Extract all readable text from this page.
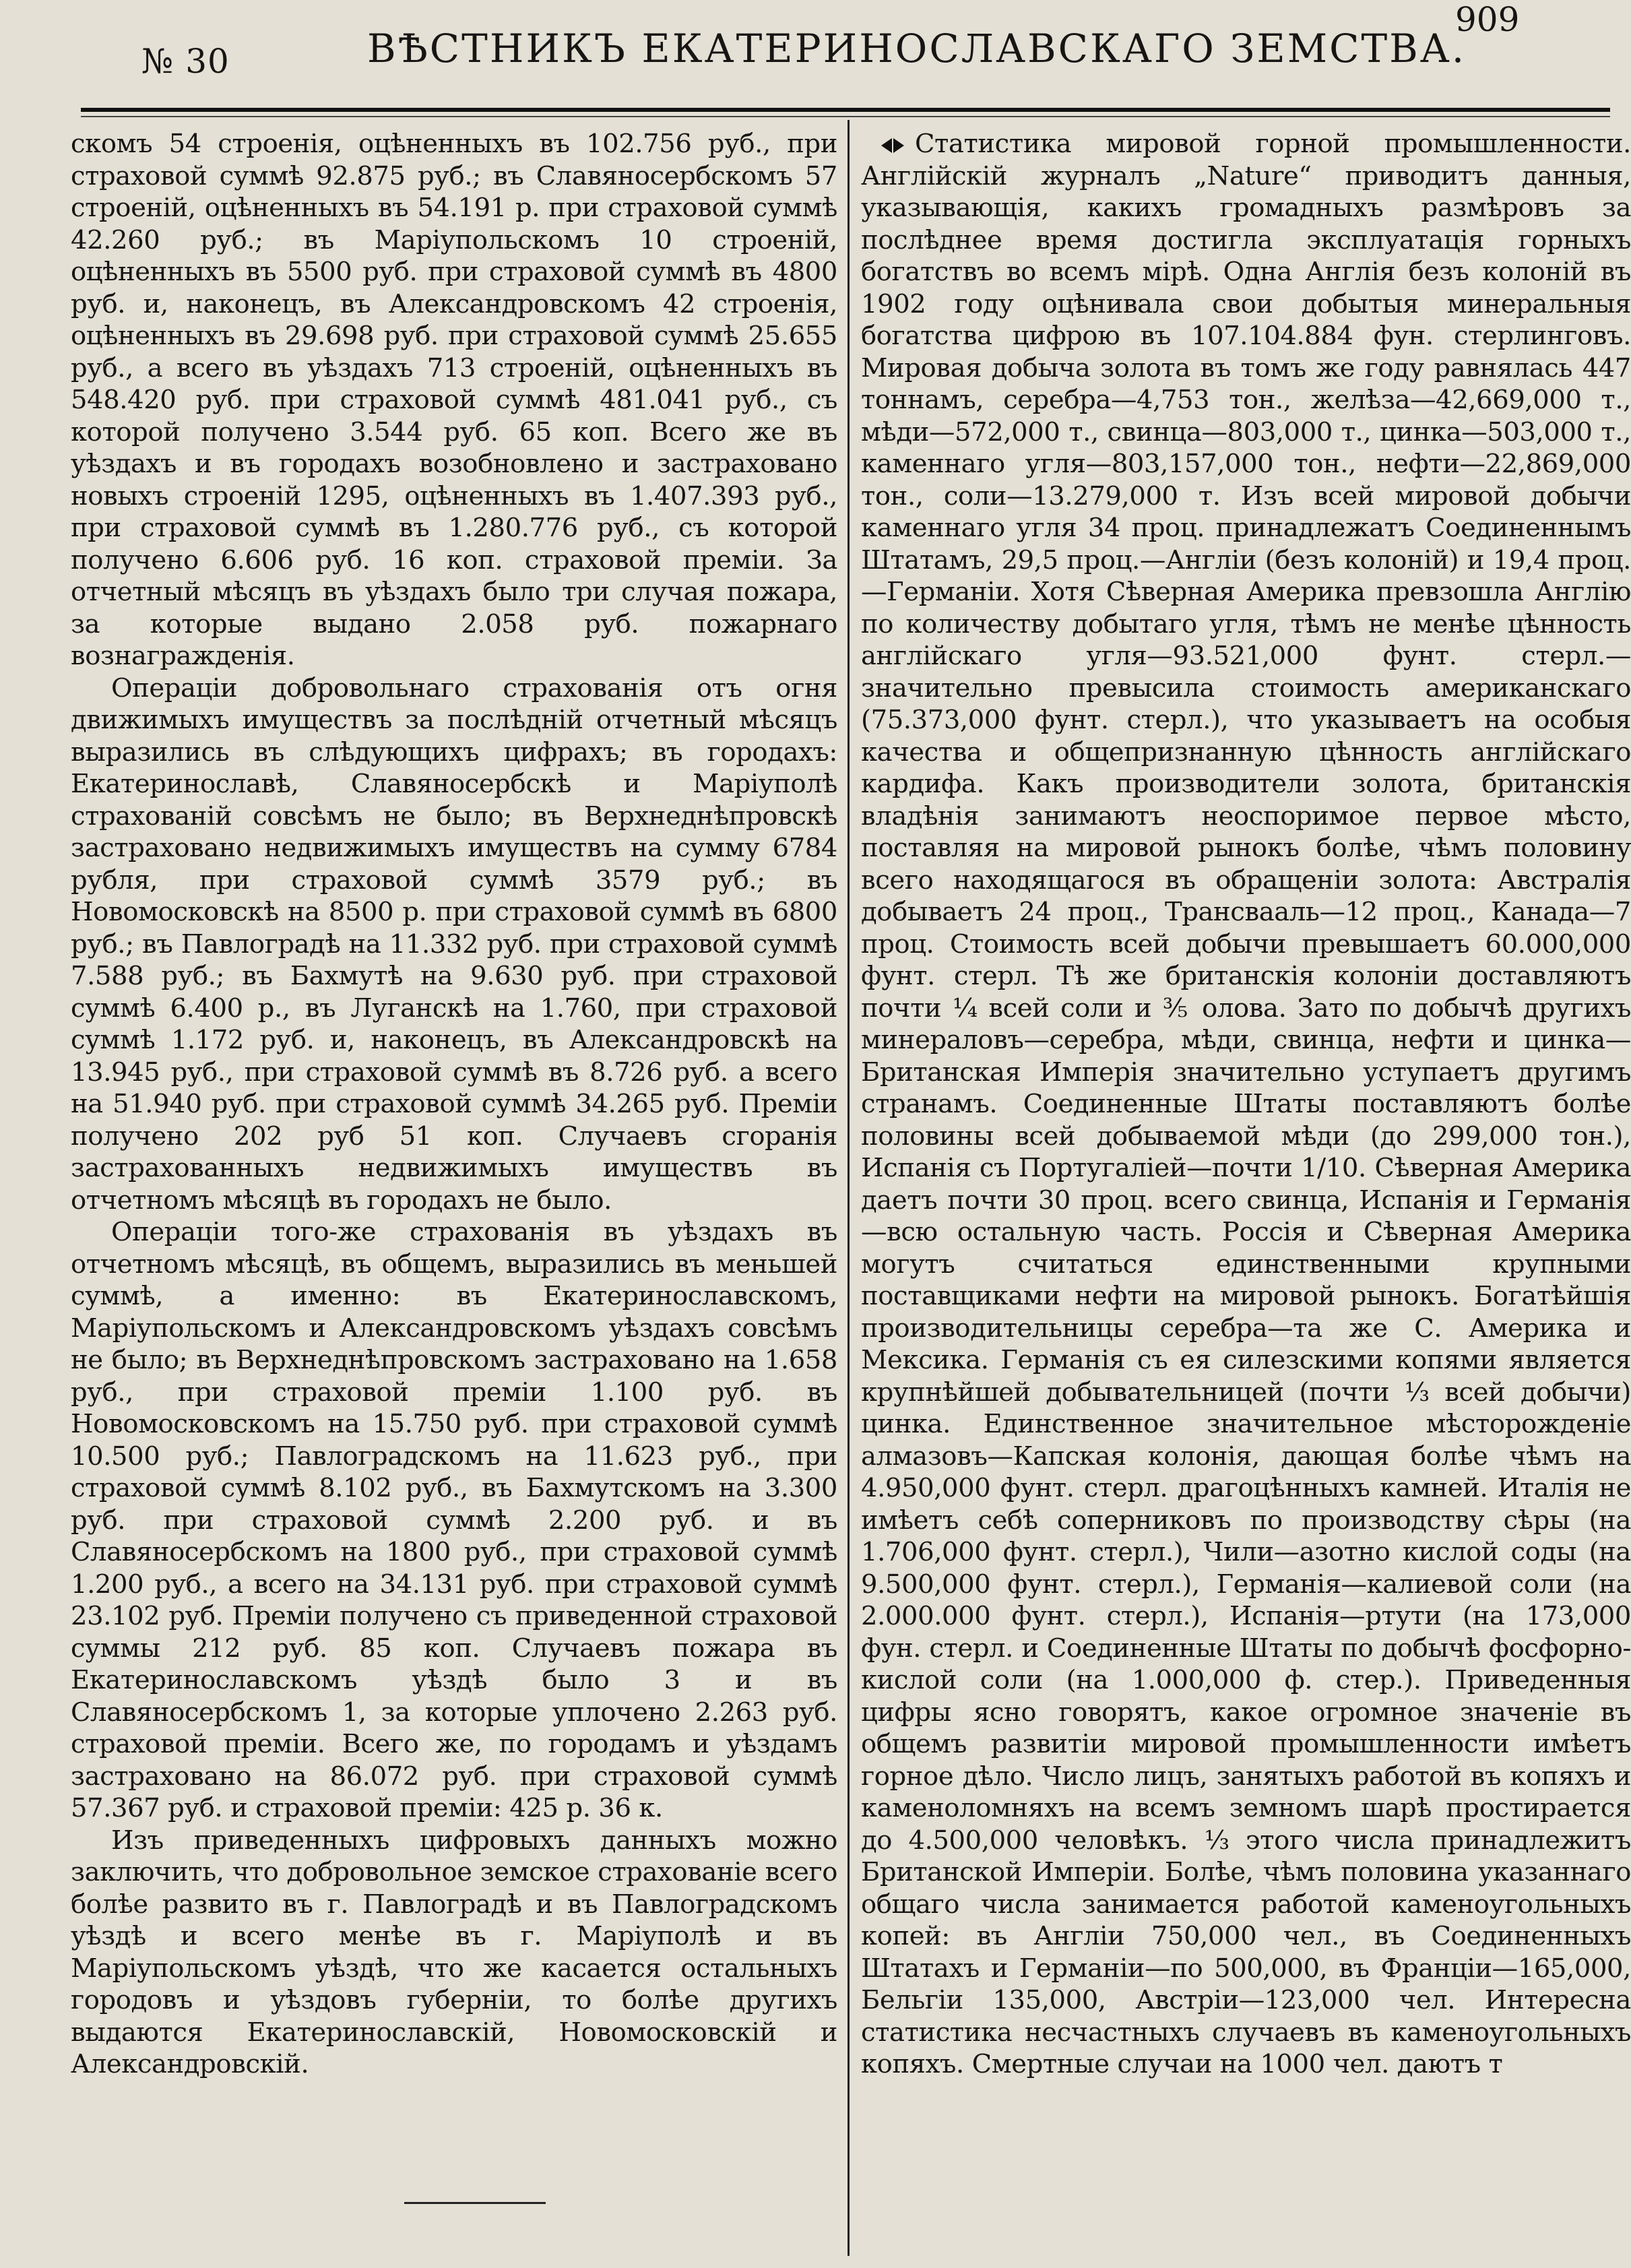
№ 30	ВѢСТНИКЪ ЕКАТЕРИНОСЛАВСКАГО ЗЕМСТВА.
909

скомъ 54 строенія, оцѣненныхъ въ 102.756 руб., при страховой суммѣ 92.875 руб.; въ Славяносербскомъ 57 строеній, оцѣненныхъ въ 54.191 р. при страховой суммѣ 42.260 руб.; въ Маріупольскомъ 10 строеній, оцѣненныхъ въ 5500 руб. при страховой суммѣ въ 4800 руб. и, наконецъ, въ Александровскомъ 42 строенія, оцѣненныхъ въ 29.698 руб. при страховой суммѣ 25.655 руб., а всего въ уѣздахъ 713 строеній, оцѣненныхъ въ 548.420 руб. при страховой суммѣ 481.041 руб., съ которой получено 3.544 руб. 65 коп. Всего же въ уѣздахъ и въ городахъ возобновлено и застраховано новыхъ строеній 1295, оцѣненныхъ въ 1.407.393 руб., при страховой суммѣ въ 1.280.776 руб., съ которой получено 6.606 руб. 16 коп. страховой преміи. За отчетный мѣсяцъ въ уѣздахъ было три случая пожара, за которые выдано 2.058 руб. пожарнаго вознагражденія.

Операціи добровольнаго страхованія отъ огня движимыхъ имуществъ за послѣдній отчетный мѣсяцъ выразились въ слѣдующихъ цифрахъ; въ городахъ: Екатеринославѣ, Славяносербскѣ и Маріуполѣ страхованій совсѣмъ не было; въ Верхнеднѣпровскѣ застраховано недвижимыхъ имуществъ на сумму 6784 рубля, при страховой суммѣ 3579 руб.; въ Новомосковскѣ на 8500 р. при страховой суммѣ въ 6800 руб.; въ Павлоградѣ на 11.332 руб. при страховой суммѣ 7.588 руб.; въ Бахмутѣ на 9.630 руб. при страховой суммѣ 6.400 р., въ Луганскѣ на 1.760, при страховой суммѣ 1.172 руб. и, наконецъ, въ Александровскѣ на 13.945 руб., при страховой суммѣ въ 8.726 руб. а всего на 51.940 руб. при страховой суммѣ 34.265 руб. Преміи получено 202 руб 51 коп. Случаевъ сгоранія застрахованныхъ недвижимыхъ имуществъ въ отчетномъ мѣсяцѣ въ городахъ не было.

Операціи того-же страхованія въ уѣздахъ въ отчетномъ мѣсяцѣ, въ общемъ, выразились въ меньшей суммѣ, а именно: въ Екатеринославскомъ, Маріупольскомъ и Александровскомъ уѣздахъ совсѣмъ не было; въ Верхнеднѣпровскомъ застраховано на 1.658 руб., при страховой преміи 1.100 руб. въ Новомосковскомъ на 15.750 руб. при страховой суммѣ 10.500 руб.; Павлоградскомъ на 11.623 руб., при страховой суммѣ 8.102 руб., въ Бахмутскомъ на 3.300 руб. при страховой суммѣ 2.200 руб. и въ Славяносербскомъ на 1800 руб., при страховой суммѣ 1.200 руб., а всего на 34.131 руб. при страховой суммѣ 23.102 руб. Преміи получено съ приведенной страховой суммы 212 руб. 85 коп. Случаевъ пожара въ Екатеринославскомъ уѣздѣ было 3 и въ Славяносербскомъ 1, за которые уплочено 2.263 руб. страховой преміи. Всего же, по городамъ и уѣздамъ застраховано на 86.072 руб. при страховой суммѣ 57.367 руб. и страховой преміи: 425 р. 36 к.

Изъ приведенныхъ цифровыхъ данныхъ можно заключить, что добровольное земское страхованіе всего болѣе развито въ г. Павлоградѣ и въ Павлоградскомъ уѣздѣ и всего менѣе въ г. Маріуполѣ и въ Маріупольскомъ уѣздѣ, что же касается остальныхъ городовъ и уѣздовъ губерніи, то болѣе другихъ выдаются Екатеринославскій, Новомосковскій и Александровскій.

Статистика мировой горной промышленности. Англійскій журналъ „Nature“ приводитъ данныя, указывающія, какихъ громадныхъ размѣровъ за послѣднее время достигла эксплуатація горныхъ богатствъ во всемъ мірѣ. Одна Англія безъ колоній въ 1902 году оцѣнивала свои добытыя минеральныя богатства цифрою въ 107.104.884 фун. стерлинговъ. Мировая добыча золота въ томъ же году равнялась 447 тоннамъ, серебра—4,753 тон., желѣза—42,669,000 т., мѣди—572,000 т., свинца—803,000 т., цинка—503,000 т., каменнаго угля—803,157,000 тон., нефти—22,869,000 тон., соли—13.279,000 т. Изъ всей мировой добычи каменнаго угля 34 проц. принадлежатъ Соединеннымъ Штатамъ, 29,5 проц.—Англіи (безъ колоній) и 19,4 проц.—Германіи. Хотя Сѣверная Америка превзошла Англію по количеству добытаго угля, тѣмъ не менѣе цѣнность англійскаго угля—93.521,000 фунт. стерл.—значительно превысила стоимость американскаго (75.373,000 фунт. стерл.), что указываетъ на особыя качества и общепризнанную цѣнность англійскаго кардифа. Какъ производители золота, британскія владѣнія занимаютъ неоспоримое первое мѣсто, поставляя на мировой рынокъ болѣе, чѣмъ половину всего находящагося въ обращеніи золота: Австралія добываетъ 24 проц., Трансвааль—12 проц., Канада—7 проц. Стоимость всей добычи превышаетъ 60.000,000 фунт. стерл. Тѣ же британскія колоніи доставляютъ почти ¼ всей соли и ⅗ олова. Зато по добычѣ другихъ минераловъ—серебра, мѣди, свинца, нефти и цинка—Британская Имперія значительно уступаетъ другимъ странамъ. Соединенные Штаты поставляютъ болѣе половины всей добываемой мѣди (до 299,000 тон.), Испанія съ Португаліей—почти 1/10. Сѣверная Америка даетъ почти 30 проц. всего свинца, Испанія и Германія—всю остальную часть. Россія и Сѣверная Америка могутъ считаться единственными крупными поставщиками нефти на мировой рынокъ. Богатѣйшія производительницы серебра—та же С. Америка и Мексика. Германія съ ея силезскими копями является крупнѣйшей добывательницей (почти ⅓ всей добычи) цинка. Единственное значительное мѣсторожденіе алмазовъ—Капская колонія, дающая болѣе чѣмъ на 4.950,000 фунт. стерл. драгоцѣнныхъ камней. Италія не имѣетъ себѣ соперниковъ по производству сѣры (на 1.706,000 фунт. стерл.), Чили—азотно кислой соды (на 9.500,000 фунт. стерл.), Германія—калиевой соли (на 2.000.000 фунт. стерл.), Испанія—ртути (на 173,000 фун. стерл. и Соединенные Штаты по добычѣ фосфорно-кислой соли (на 1.000,000 ф. стер.). Приведенныя цифры ясно говорятъ, какое огромное значеніе въ общемъ развитіи мировой промышленности имѣетъ горное дѣло. Число лицъ, занятыхъ работой въ копяхъ и каменоломняхъ на всемъ земномъ шарѣ простирается до 4.500,000 человѣкъ. ⅓ этого числа принадлежитъ Британской Имперіи. Болѣе, чѣмъ половина указаннаго общаго числа занимается работой каменоугольныхъ копей: въ Англіи 750,000 чел., въ Соединенныхъ Штатахъ и Германіи—по 500,000, въ Франціи—165,000, Бельгіи 135,000, Австріи—123,000 чел. Интересна статистика несчастныхъ случаевъ въ каменоугольныхъ копяхъ. Смертные случаи на 1000 чел. даютъ т
